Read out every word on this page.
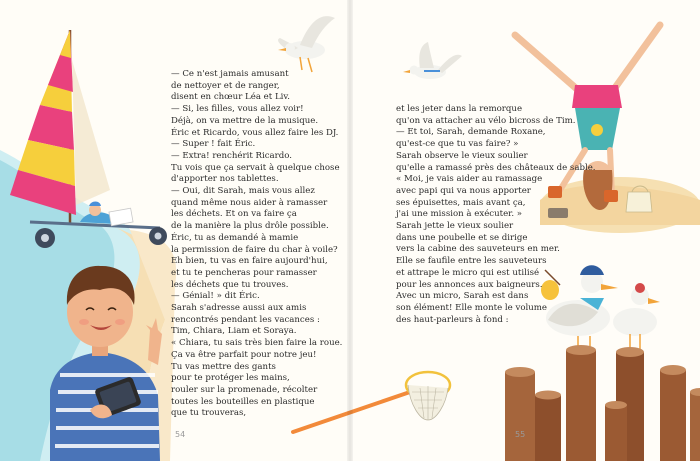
— Ce n'est jamais amusant
de nettoyer et de ranger,
disent en chœur Léa et Liv.
— Si, les filles, vous allez voir!
Déjà, on va mettre de la musique.
Éric et Ricardo, vous allez faire les DJ.
— Super ! fait Éric.
— Extra! renchérit Ricardo.
Tu vois que ça servait à quelque chose
d'apporter nos tablettes.
— Oui, dit Sarah, mais vous allez
quand même nous aider à ramasser
les déchets. Et on va faire ça
de la manière la plus drôle possible.
Éric, tu as demandé à mamie
la permission de faire du char à voile?
Eh bien, tu vas en faire aujourd'hui,
et tu te pencheras pour ramasser
les déchets que tu trouves.
— Génial! » dit Éric.
Sarah s'adresse aussi aux amis
rencontrés pendant les vacances :
Tim, Chiara, Liam et Soraya.
« Chiara, tu sais très bien faire la roue.
Ça va être parfait pour notre jeu!
Tu vas mettre des gants
pour te protéger les mains,
rouler sur la promenade, récolter
toutes les bouteilles en plastique
que tu trouveras,
et les jeter dans la remorque
qu'on va attacher au vélo bicross de Tim.
— Et toi, Sarah, demande Roxane,
qu'est-ce que tu vas faire? »
Sarah observe le vieux soulier
qu'elle a ramassé près des châteaux de sable.
« Moi, je vais aider au ramassage
avec papi qui va nous apporter
ses épuisettes, mais avant ça,
j'ai une mission à exécuter. »
Sarah jette le vieux soulier
dans une poubelle et se dirige
vers la cabine des sauveteurs en mer.
Elle se faufile entre les sauveteurs
et attrape le micro qui est utilisé
pour les annonces aux baigneurs.
Avec un micro, Sarah est dans
son élément! Elle monte le volume
des haut-parleurs à fond :
54	55
